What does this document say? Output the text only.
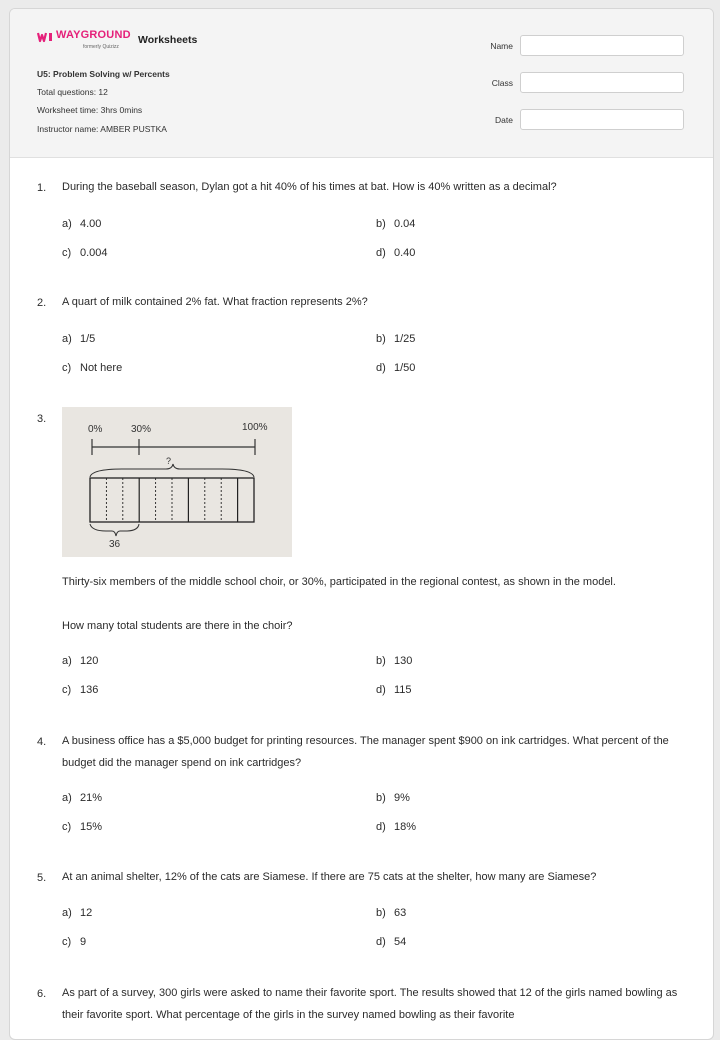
WAYGROUND
formerly Quizizz
Worksheets
U5: Problem Solving w/ Percents
Total questions: 12
Worksheet time: 3hrs 0mins
Instructor name: AMBER PUSTKA
Name
Class
Date
1. During the baseball season, Dylan got a hit 40% of his times at bat. How is 40% written as a decimal?
a) 4.00	b) 0.04
c) 0.004	d) 0.40
2. A quart of milk contained 2% fat. What fraction represents 2%?
a) 1/5	b) 1/25
c) Not here	d) 1/50
3.
0%	30%	100%
?
36
Thirty-six members of the middle school choir, or 30%, participated in the regional contest, as shown in the model.
How many total students are there in the choir?
a) 120	b) 130
c) 136	d) 115
4. A business office has a $5,000 budget for printing resources. The manager spent $900 on ink cartridges. What percent of the budget did the manager spend on ink cartridges?
a) 21%	b) 9%
c) 15%	d) 18%
5. At an animal shelter, 12% of the cats are Siamese. If there are 75 cats at the shelter, how many are Siamese?
a) 12	b) 63
c) 9	d) 54
6. As part of a survey, 300 girls were asked to name their favorite sport. The results showed that 12 of the girls named bowling as their favorite sport. What percentage of the girls in the survey named bowling as their favorite
